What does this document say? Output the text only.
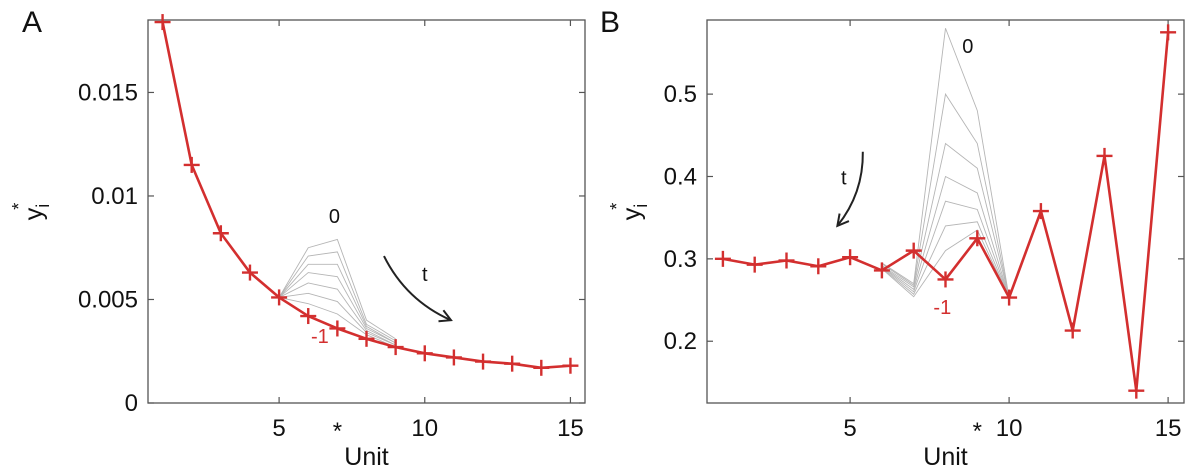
A
0
0.005
0.01
0.015
5	10	15
*
Unit
$y_i*$	0
-1
t
B
0.2
0.3
0.4
0.5
5	10	15
*
Unit
$y_i*$
0
-1
t
